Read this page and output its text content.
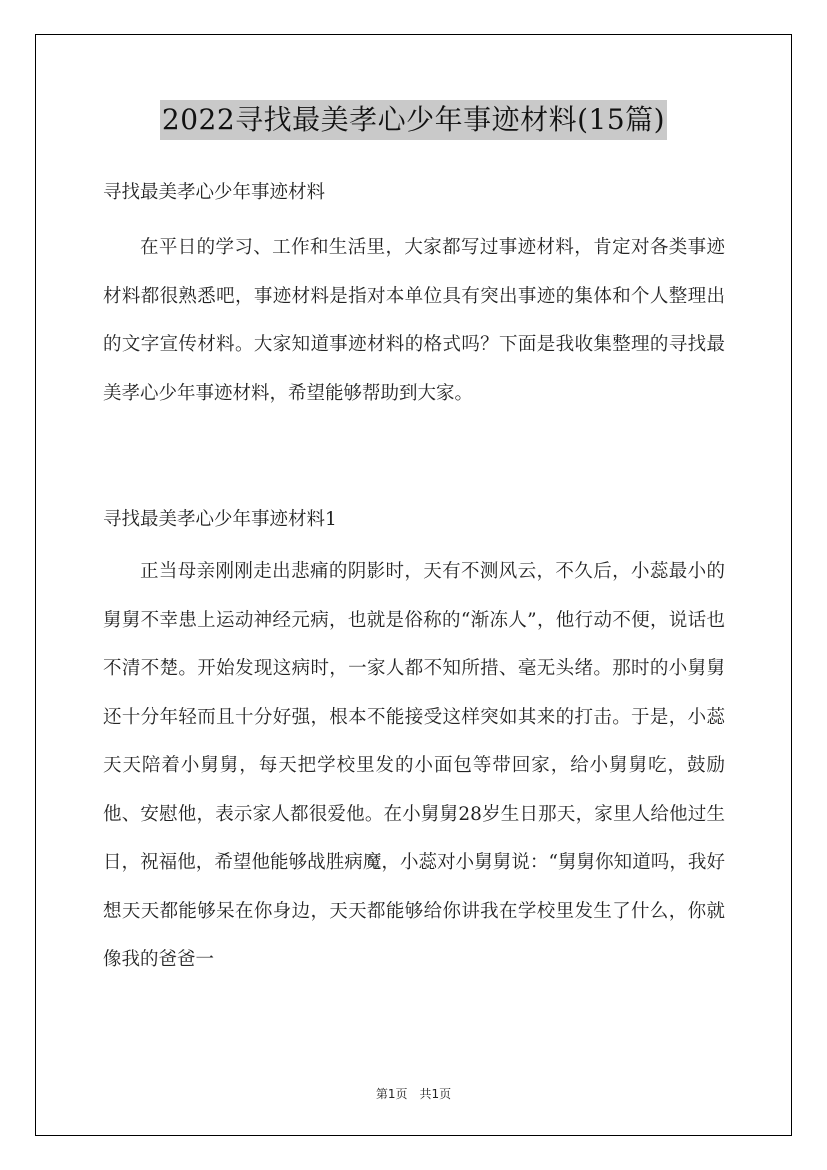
2022寻找最美孝心少年事迹材料(15篇)

寻找最美孝心少年事迹材料

在平日的学习、工作和生活里，大家都写过事迹材料，肯定对各类事迹材料都很熟悉吧，事迹材料是指对本单位具有突出事迹的集体和个人整理出的文字宣传材料。大家知道事迹材料的格式吗？下面是我收集整理的寻找最美孝心少年事迹材料，希望能够帮助到大家。

寻找最美孝心少年事迹材料1

正当母亲刚刚走出悲痛的阴影时，天有不测风云，不久后，小蕊最小的舅舅不幸患上运动神经元病，也就是俗称的“渐冻人”，他行动不便，说话也不清不楚。开始发现这病时，一家人都不知所措、毫无头绪。那时的小舅舅还十分年轻而且十分好强，根本不能接受这样突如其来的打击。于是，小蕊天天陪着小舅舅，每天把学校里发的小面包等带回家，给小舅舅吃，鼓励他、安慰他，表示家人都很爱他。在小舅舅28岁生日那天，家里人给他过生日，祝福他，希望他能够战胜病魔，小蕊对小舅舅说：“舅舅你知道吗，我好想天天都能够呆在你身边，天天都能够给你讲我在学校里发生了什么，你就像我的爸爸一

第1页 共1页
